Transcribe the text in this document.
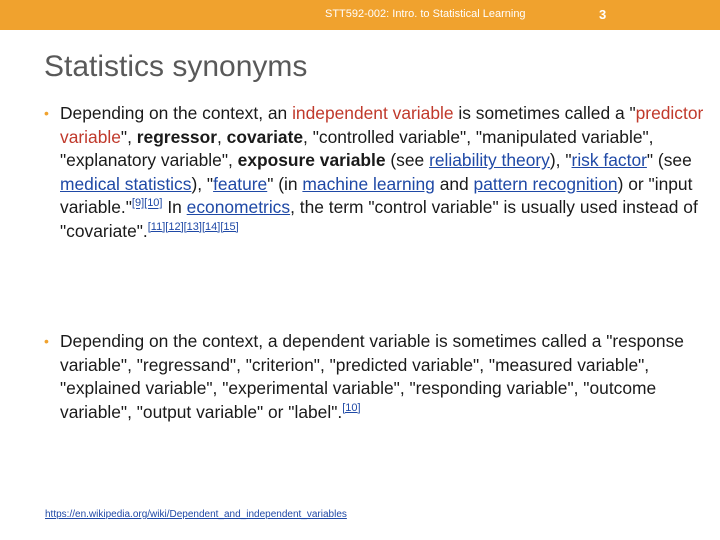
STT592-002: Intro. to Statistical Learning	3
Statistics synonyms
• Depending on the context, an independent variable is sometimes called a "predictor variable", regressor, covariate, "controlled variable", "manipulated variable", "explanatory variable", exposure variable (see reliability theory), "risk factor" (see medical statistics), "feature" (in machine learning and pattern recognition) or "input variable."[9][10] In econometrics, the term "control variable" is usually used instead of "covariate".[11][12][13][14][15]
• Depending on the context, a dependent variable is sometimes called a "response variable", "regressand", "criterion", "predicted variable", "measured variable", "explained variable", "experimental variable", "responding variable", "outcome variable", "output variable" or "label".[10]
https://en.wikipedia.org/wiki/Dependent_and_independent_variables
